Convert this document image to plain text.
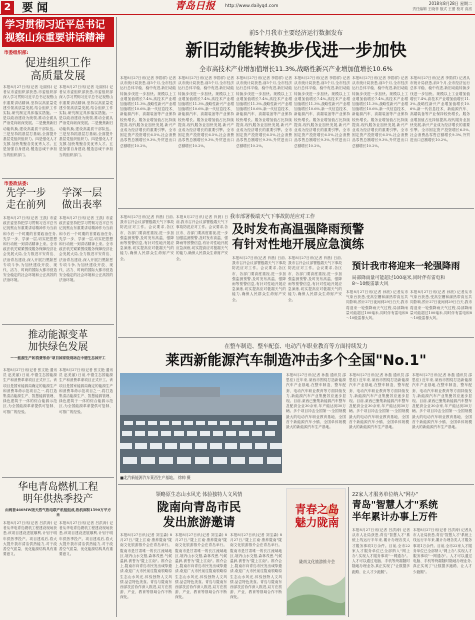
2 要 闻	青岛日报 http://www.dailyqd.com
2018年8月28日 星期二
责任编辑 王晓菲 版式 王蕾 校对 高嵩
学习贯彻习近平总书记
视察山东重要讲话精神
市委组织部:
促进组织工作
高质量发展
本报8月27日讯(记者 毛丽伟) 记者从市委组织部获悉,市委组织部深入学习贯彻习近平总书记视察山东重要讲话精神,坚持以高质量党建引领高质量发展,结合组织工作实际,研究制定具体落实措施。一是以政治建设为统领,推动全面从严治党向纵深发展。二是聚焦新旧动能转换,建设高素质干部队伍。三是坚持抓基层打基础,全面提升基层党组织组织力。四是强化人才支撑,加快集聚各类优秀人才。五是加强自身建设,锻造忠诚干净担当的组织部门。
本报8月27日讯(记者 毛丽伟) 记者从市委组织部获悉,市委组织部深入学习贯彻习近平总书记视察山东重要讲话精神,坚持以高质量党建引领高质量发展,结合组织工作实际,研究制定具体落实措施。一是以政治建设为统领,推动全面从严治党向纵深发展。二是聚焦新旧动能转换,建设高素质干部队伍。三是坚持抓基层打基础,全面提升基层党组织组织力。四是强化人才支撑,加快集聚各类优秀人才。五是加强自身建设,锻造忠诚干净担当的组织部门。
市委政法委:
先学一步
走在前列
学深一层
做出表率
本报8月27日讯(记者 王凯) 市委政法委坚持把学习贯彻习近平总书记视察山东重要讲话精神作为当前和今后一个时期的首要政治任务,先学一步、学深一层,切实把思想和行动统一到讲话精神上来。全市政法机关紧紧围绕服务保障经济社会发展大局,全力推进平安青岛、法治青岛建设,深入开展扫黑除恶专项斗争,为加快建设开放、现代、活力、时尚的国际大都市营造安全稳定的社会环境和公正高效的法治环境。
本报8月27日讯(记者 王凯) 市委政法委坚持把学习贯彻习近平总书记视察山东重要讲话精神作为当前和今后一个时期的首要政治任务,先学一步、学深一层,切实把思想和行动统一到讲话精神上来。全市政法机关紧紧围绕服务保障经济社会发展大局,全力推进平安青岛、法治青岛建设,深入开展扫黑除恶专项斗争,为加快建设开放、现代、活力、时尚的国际大都市营造安全稳定的社会环境和公正高效的法治环境。
推动能源变革
加快绿色发展
——能源生产和消费革命"项目国家级现场在中德生态园开工
本报8月27日讯(记者 张文艳 通讯员 赵美丽) 日前,中德生态园能源生产和消费革命项目正式开工。该项目是国家能源局确定的能源生产和消费革命示范项目之一,将打造集清洁能源生产、智慧能源管理、绿色建筑于一体的综合能源示范区,为全国能源革命提供可复制、可推广的经验。
本报8月27日讯(记者 张文艳 通讯员 赵美丽) 日前,中德生态园能源生产和消费革命项目正式开工。该项目是国家能源局确定的能源生产和消费革命示范项目之一,将打造集清洁能源生产、智慧能源管理、绿色建筑于一体的综合能源示范区,为全国能源革命提供可复制、可推广的经验。
华电青岛燃机工程
明年供热季投产
由两套460MW级天然气热电联产机组组成,热机面积1590万平方米
本报8月27日讯(记者 吕洪涛) 记者从华电青岛燃机工程建设现场获悉,该项目建设进展顺利,计划于明年供热季投产。项目建成后,将大大提升我市清洁供热能力,对于改善空气质量、优化能源结构具有重要意义。
本报8月27日讯(记者 吕洪涛) 记者从华电青岛燃机工程建设现场获悉,该项目建设进展顺利,计划于明年供热季投产。项目建成后,将大大提升我市清洁供热能力,对于改善空气质量、优化能源结构具有重要意义。
前5个月我市主要经济运行数据发布
新旧动能转换步伐进一步加快
全市高技术产业增加值增长11.3%,战略性新兴产业增加值增长10.6%
本报8月27日讯(记者 李勋祥) 记者从市统计局获悉,前5个月,全市经济运行总体平稳、稳中有进,新旧动能转换步伐进一步加快。规模以上工业增加值增长7.4%,高技术产业增加值增长11.3%,战略性新兴产业增加值增长10.6%,新一代信息技术、新能源汽车、高端装备等产业保持较快增长。服务业增加值占比持续提高,现代服务业加快发展,新兴产业成为经济增长的重要引擎。全市固定资产投资增长6.5%,社会消费品零售总额增长9.3%,外贸进出口总额增长10.2%。
本报8月27日讯(记者 李勋祥) 记者从市统计局获悉,前5个月,全市经济运行总体平稳、稳中有进,新旧动能转换步伐进一步加快。规模以上工业增加值增长7.4%,高技术产业增加值增长11.3%,战略性新兴产业增加值增长10.6%,新一代信息技术、新能源汽车、高端装备等产业保持较快增长。服务业增加值占比持续提高,现代服务业加快发展,新兴产业成为经济增长的重要引擎。全市固定资产投资增长6.5%,社会消费品零售总额增长9.3%,外贸进出口总额增长10.2%。
本报8月27日讯(记者 李勋祥) 记者从市统计局获悉,前5个月,全市经济运行总体平稳、稳中有进,新旧动能转换步伐进一步加快。规模以上工业增加值增长7.4%,高技术产业增加值增长11.3%,战略性新兴产业增加值增长10.6%,新一代信息技术、新能源汽车、高端装备等产业保持较快增长。服务业增加值占比持续提高,现代服务业加快发展,新兴产业成为经济增长的重要引擎。全市固定资产投资增长6.5%,社会消费品零售总额增长9.3%,外贸进出口总额增长10.2%。
本报8月27日讯(记者 李勋祥) 记者从市统计局获悉,前5个月,全市经济运行总体平稳、稳中有进,新旧动能转换步伐进一步加快。规模以上工业增加值增长7.4%,高技术产业增加值增长11.3%,战略性新兴产业增加值增长10.6%,新一代信息技术、新能源汽车、高端装备等产业保持较快增长。服务业增加值占比持续提高,现代服务业加快发展,新兴产业成为经济增长的重要引擎。全市固定资产投资增长6.5%,社会消费品零售总额增长9.3%,外贸进出口总额增长10.2%。
本报8月27日讯(记者 李勋祥) 记者从市统计局获悉,前5个月,全市经济运行总体平稳、稳中有进,新旧动能转换步伐进一步加快。规模以上工业增加值增长7.4%,高技术产业增加值增长11.3%,战略性新兴产业增加值增长10.6%,新一代信息技术、新能源汽车、高端装备等产业保持较快增长。服务业增加值占比持续提高,现代服务业加快发展,新兴产业成为经济增长的重要引擎。全市固定资产投资增长6.5%,社会消费品零售总额增长9.3%,外贸进出口总额增长10.2%。
本报8月27日讯(记者 李勋祥) 记者从市统计局获悉,前5个月,全市经济运行总体平稳、稳中有进,新旧动能转换步伐进一步加快。规模以上工业增加值增长7.4%,高技术产业增加值增长11.3%,战略性新兴产业增加值增长10.6%,新一代信息技术、新能源汽车、高端装备等产业保持较快增长。服务业增加值占比持续提高,现代服务业加快发展,新兴产业成为经济增长的重要引擎。全市固定资产投资增长6.5%,社会消费品零售总额增长9.3%,外贸进出口总额增长10.2%。
我市部署极端天气下事故防范应对工作
及时发布高温强降雨预警
有针对性地开展应急演练
本报8月27日讯(记者 肖晨) 日前,我市召开会议部署极端天气下事故防范应对工作。会议要求,各区市、各部门要高度重视,进一步加强监测预警,及时发布高温、强降雨等预警信息,有针对性地开展应急演练,切实提高应对极端天气的能力,确保人民群众生命财产安全。
本报8月27日讯(记者 肖晨) 日前,我市召开会议部署极端天气下事故防范应对工作。会议要求,各区市、各部门要高度重视,进一步加强监测预警,及时发布高温、强降雨等预警信息,有针对性地开展应急演练,切实提高应对极端天气的能力,确保人民群众生命财产安全。	本报8月27日讯(记者 肖晨) 日前,我市召开会议部署极端天气下事故防范应对工作。会议要求,各区市、各部门要高度重视,进一步加强监测预警,及时发布高温、强降雨等预警信息,有针对性地开展应急演练,切实提高应对极端天气的能力,确保人民群众生命财产安全。
本报8月27日讯(记者 肖晨) 日前,我市召开会议部署极端天气下事故防范应对工作。会议要求,各区市、各部门要高度重视,进一步加强监测预警,及时发布高温、强降雨等预警信息,有针对性地开展应急演练,切实提高应对极端天气的能力,确保人民群众生命财产安全。
预计我市将迎来一轮强降雨
局部降雨量可能超过100毫米,同时伴有雷电和
8～10级雷暴大风
本报8月27日讯(记者 孙欣) 记者从市气象台获悉,受高空槽和副热带高压共同影响,预计27日夜间到29日白天,我市将迎来一轮强降雨天气过程,局部降雨量可能超过100毫米,同时伴有雷电和8～10级雷暴大风。
本报8月27日讯(记者 孙欣) 记者从市气象台获悉,受高空槽和副热带高压共同影响,预计27日夜间到29日白天,我市将迎来一轮强降雨天气过程,局部降雨量可能超过100毫米,同时伴有雷电和8～10级雷暴大风。
在整车制造、整车配套、电动汽车职业教育等方面持续发力
莱西新能源汽车制造冲击多个全国"No.1"
■北汽新能源汽车莱西生产基地。 徐帅 摄
本报8月27日讯(记者 孙磊 通讯员 邵思佳) 近年来,莱西市围绕打造新能源汽车产业基地,在整车制造、整车配套、电动汽车职业教育等方面持续发力,新能源汽车产业集聚效应逐步显现。目前,莱西已聚集新能源汽车整车及配套企业30余家,年产能达到30万辆。多个项目冲击全国第一:全国规模最大的电动汽车职业教育基地、全国首个新能源汽车小镇、全国单体规模最大的新能源汽车生产基地。
本报8月27日讯(记者 孙磊 通讯员 邵思佳) 近年来,莱西市围绕打造新能源汽车产业基地,在整车制造、整车配套、电动汽车职业教育等方面持续发力,新能源汽车产业集聚效应逐步显现。目前,莱西已聚集新能源汽车整车及配套企业30余家,年产能达到30万辆。多个项目冲击全国第一:全国规模最大的电动汽车职业教育基地、全国首个新能源汽车小镇、全国单体规模最大的新能源汽车生产基地。
本报8月27日讯(记者 孙磊 通讯员 邵思佳) 近年来,莱西市围绕打造新能源汽车产业基地,在整车制造、整车配套、电动汽车职业教育等方面持续发力,新能源汽车产业集聚效应逐步显现。目前,莱西已聚集新能源汽车整车及配套企业30余家,年产能达到30万辆。多个项目冲击全国第一:全国规模最大的电动汽车职业教育基地、全国首个新能源汽车小镇、全国单体规模最大的新能源汽车生产基地。
领略原生态山水风光 体验独特人文风情
陇南向青岛市民
发出旅游邀请
本报8月27日讯(记者 刘宝森) 8月27日,"陇上江南·康养陇南"陇南文化旅游推介会在青岛举行。陇南市是甘肃唯一的长江流域地区,境内山水交错,森林茂密,气候温润,被誉为"陇上江南"。推介会上,陇南市向青岛市民发出诚挚邀请,欢迎广大市民前往陇南领略原生态山水风光,体验独特人文风情,品尝特色美食。青岛与陇南东西部扶贫协作深入推进,双方在旅游、产业、教育等领域合作不断深化。
本报8月27日讯(记者 刘宝森) 8月27日,"陇上江南·康养陇南"陇南文化旅游推介会在青岛举行。陇南市是甘肃唯一的长江流域地区,境内山水交错,森林茂密,气候温润,被誉为"陇上江南"。推介会上,陇南市向青岛市民发出诚挚邀请,欢迎广大市民前往陇南领略原生态山水风光,体验独特人文风情,品尝特色美食。青岛与陇南东西部扶贫协作深入推进,双方在旅游、产业、教育等领域合作不断深化。
本报8月27日讯(记者 刘宝森) 8月27日,"陇上江南·康养陇南"陇南文化旅游推介会在青岛举行。陇南市是甘肃唯一的长江流域地区,境内山水交错,森林茂密,气候温润,被誉为"陇上江南"。推介会上,陇南市向青岛市民发出诚挚邀请,欢迎广大市民前往陇南领略原生态山水风光,体验独特人文风情,品尝特色美食。青岛与陇南东西部扶贫协作深入推进,双方在旅游、产业、教育等领域合作不断深化。
青春之岛 魅力陇南
陇南文化旅游推介会
22家人才服务单位纳入"网办"
青岛"智慧人才"系统
半年累计办事上万件
本报8月27日讯(记者 吕洪涛) 记者从市人社局获悉,青岛"智慧人才"系统上线运行半年来,累计办理各类人才服务事项1万余件。目前,全市22家人才服务单位已全部纳入"网上办",实现人才服务事项"一网通办"。人才可以通过电脑、手机等终端随时随地办理业务,真正实现了"让数据多跑路、让人才少跑腿"。
本报8月27日讯(记者 吕洪涛) 记者从市人社局获悉,青岛"智慧人才"系统上线运行半年来,累计办理各类人才服务事项1万余件。目前,全市22家人才服务单位已全部纳入"网上办",实现人才服务事项"一网通办"。人才可以通过电脑、手机等终端随时随地办理业务,真正实现了"让数据多跑路、让人才少跑腿"。
